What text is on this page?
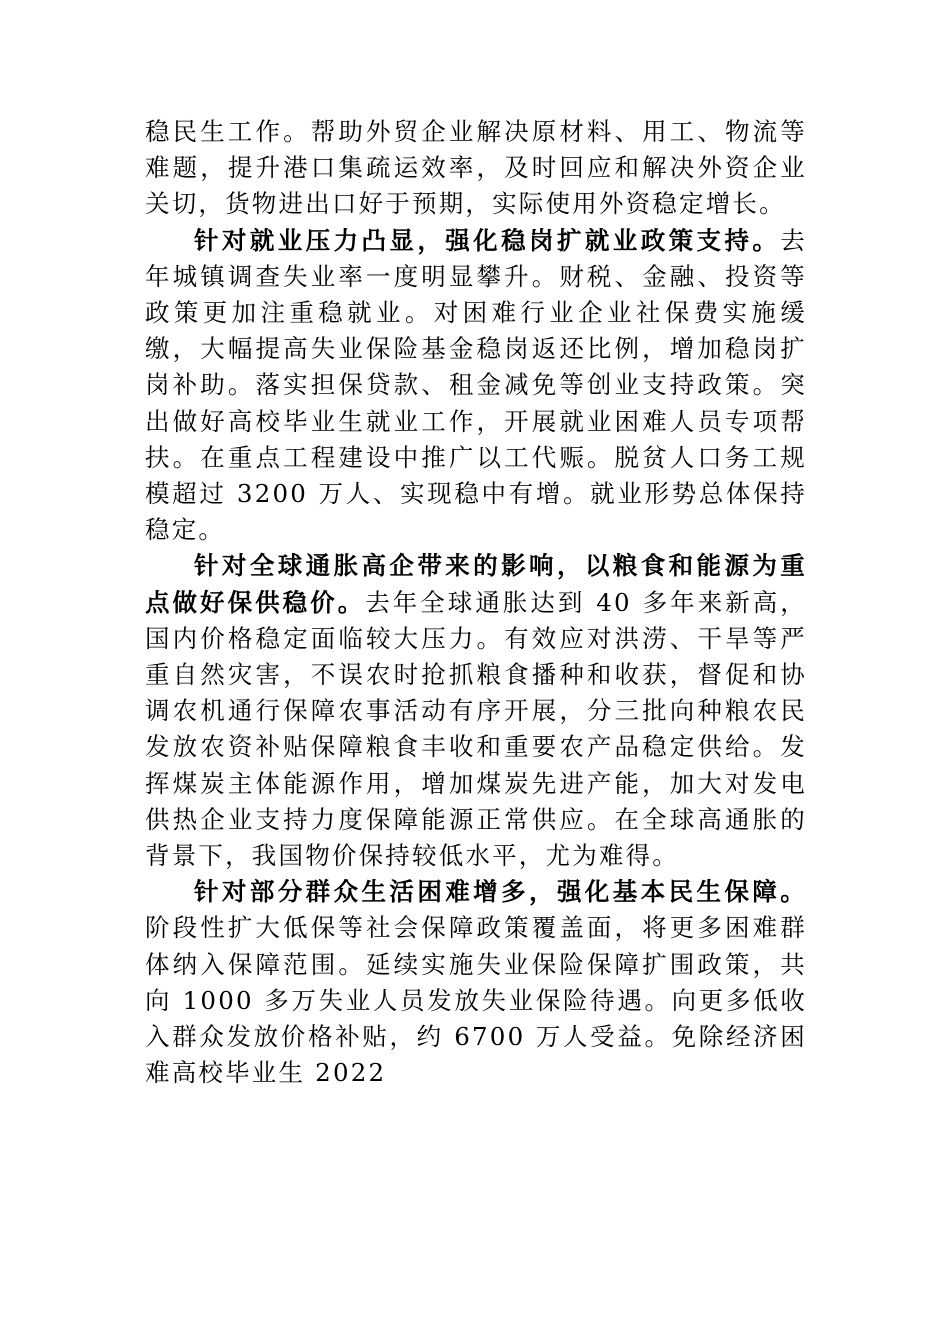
稳民生工作。帮助外贸企业解决原材料、用工、物流等难题，提升港口集疏运效率，及时回应和解决外资企业关切，货物进出口好于预期，实际使用外资稳定增长。

针对就业压力凸显，强化稳岗扩就业政策支持。去年城镇调查失业率一度明显攀升。财税、金融、投资等政策更加注重稳就业。对困难行业企业社保费实施缓缴，大幅提高失业保险基金稳岗返还比例，增加稳岗扩岗补助。落实担保贷款、租金减免等创业支持政策。突出做好高校毕业生就业工作，开展就业困难人员专项帮扶。在重点工程建设中推广以工代赈。脱贫人口务工规模超过 3200 万人、实现稳中有增。就业形势总体保持稳定。

针对全球通胀高企带来的影响，以粮食和能源为重点做好保供稳价。去年全球通胀达到 40 多年来新高，国内价格稳定面临较大压力。有效应对洪涝、干旱等严重自然灾害，不误农时抢抓粮食播种和收获，督促和协调农机通行保障农事活动有序开展，分三批向种粮农民发放农资补贴保障粮食丰收和重要农产品稳定供给。发挥煤炭主体能源作用，增加煤炭先进产能，加大对发电供热企业支持力度保障能源正常供应。在全球高通胀的背景下，我国物价保持较低水平，尤为难得。

针对部分群众生活困难增多，强化基本民生保障。阶段性扩大低保等社会保障政策覆盖面，将更多困难群体纳入保障范围。延续实施失业保险保障扩围政策，共向 1000 多万失业人员发放失业保险待遇。向更多低收入群众发放价格补贴，约 6700 万人受益。免除经济困难高校毕业生 2022
